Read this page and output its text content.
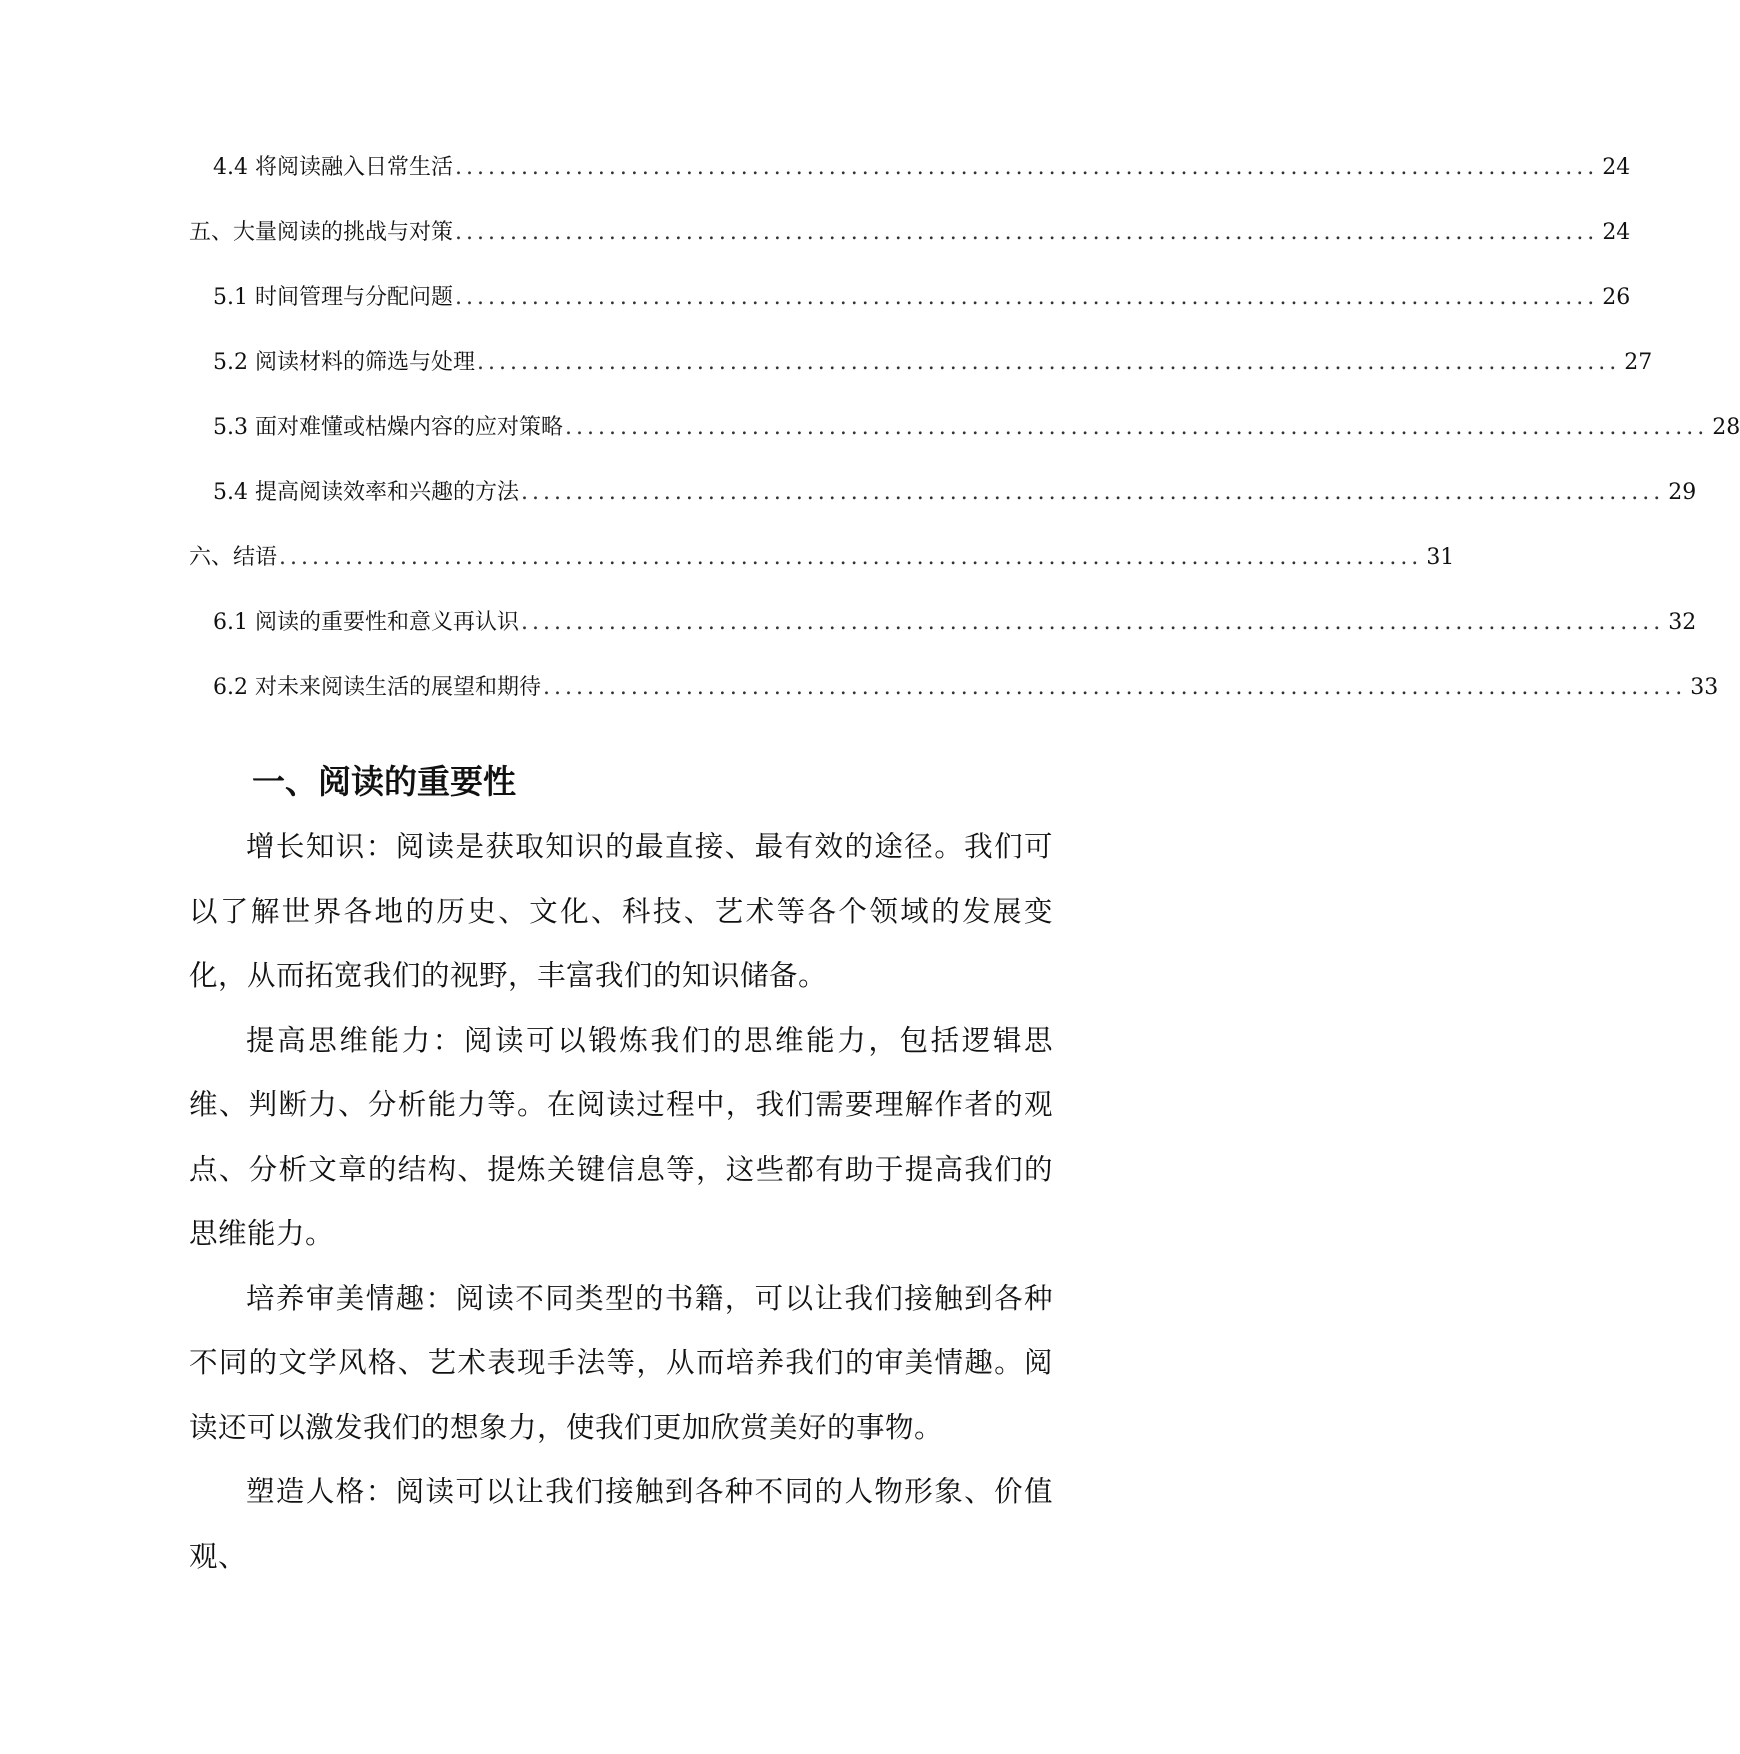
4.4 将阅读融入日常生活 ........................................................................................................ 24
五、大量阅读的挑战与对策 ........................................................................................................ 24
5.1 时间管理与分配问题 ........................................................................................................ 26
5.2 阅读材料的筛选与处理 ........................................................................................................ 27
5.3 面对难懂或枯燥内容的应对策略 ........................................................................................................ 28
5.4 提高阅读效率和兴趣的方法 ........................................................................................................ 29
六、结语 ........................................................................................................ 31
6.1 阅读的重要性和意义再认识 ........................................................................................................ 32
6.2 对未来阅读生活的展望和期待 ........................................................................................................ 33
一、阅读的重要性

增长知识：阅读是获取知识的最直接、最有效的途径。我们可以了解世界各地的历史、文化、科技、艺术等各个领域的发展变化，从而拓宽我们的视野，丰富我们的知识储备。

提高思维能力：阅读可以锻炼我们的思维能力，包括逻辑思维、判断力、分析能力等。在阅读过程中，我们需要理解作者的观点、分析文章的结构、提炼关键信息等，这些都有助于提高我们的思维能力。

培养审美情趣：阅读不同类型的书籍，可以让我们接触到各种不同的文学风格、艺术表现手法等，从而培养我们的审美情趣。阅读还可以激发我们的想象力，使我们更加欣赏美好的事物。

塑造人格：阅读可以让我们接触到各种不同的人物形象、价值观、
